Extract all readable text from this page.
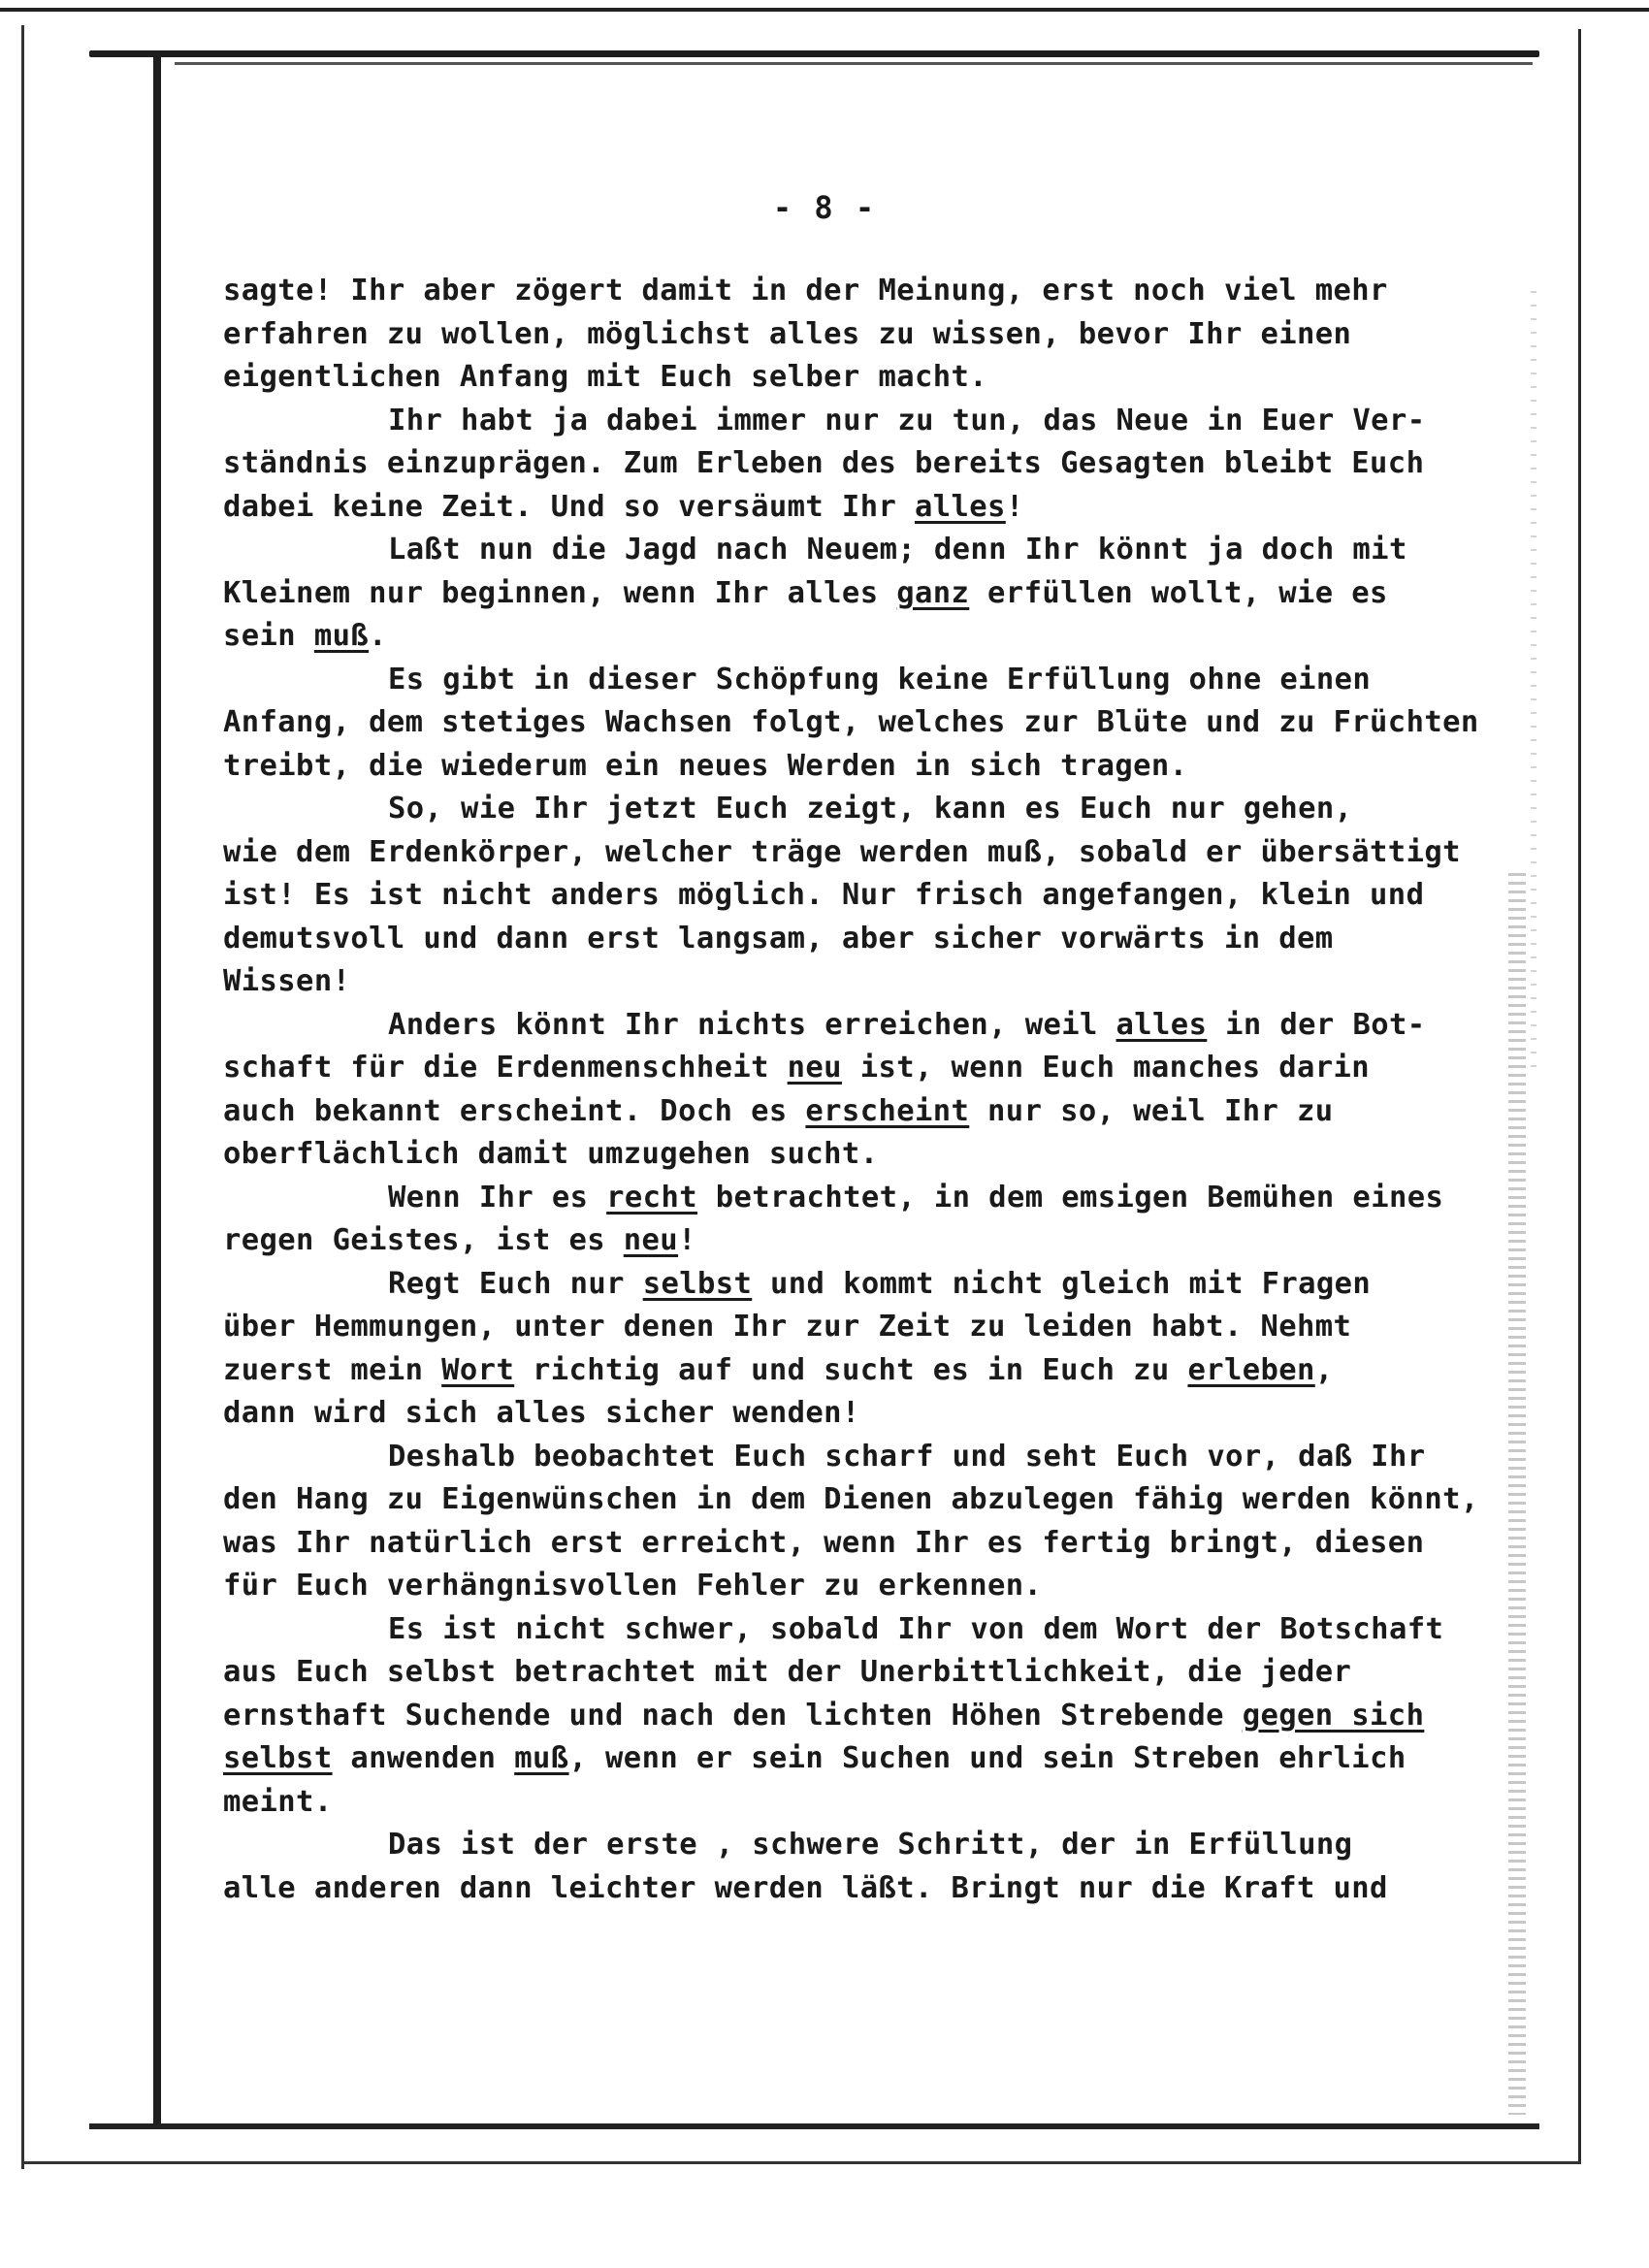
- 8 -
sagte! Ihr aber zögert damit in der Meinung, erst noch viel mehr
erfahren zu wollen, möglichst alles zu wissen, bevor Ihr einen
eigentlichen Anfang mit Euch selber macht.
Ihr habt ja dabei immer nur zu tun, das Neue in Euer Ver-
ständnis einzuprägen. Zum Erleben des bereits Gesagten bleibt Euch
dabei keine Zeit. Und so versäumt Ihr alles!
Laßt nun die Jagd nach Neuem; denn Ihr könnt ja doch mit
Kleinem nur beginnen, wenn Ihr alles ganz erfüllen wollt, wie es
sein muß.
Es gibt in dieser Schöpfung keine Erfüllung ohne einen
Anfang, dem stetiges Wachsen folgt, welches zur Blüte und zu Früchten
treibt, die wiederum ein neues Werden in sich tragen.
So, wie Ihr jetzt Euch zeigt, kann es Euch nur gehen,
wie dem Erdenkörper, welcher träge werden muß, sobald er übersättigt
ist! Es ist nicht anders möglich. Nur frisch angefangen, klein und
demutsvoll und dann erst langsam, aber sicher vorwärts in dem
Wissen!
Anders könnt Ihr nichts erreichen, weil alles in der Bot-
schaft für die Erdenmenschheit neu ist, wenn Euch manches darin
auch bekannt erscheint. Doch es erscheint nur so, weil Ihr zu
oberflächlich damit umzugehen sucht.
Wenn Ihr es recht betrachtet, in dem emsigen Bemühen eines
regen Geistes, ist es neu!
Regt Euch nur selbst und kommt nicht gleich mit Fragen
über Hemmungen, unter denen Ihr zur Zeit zu leiden habt. Nehmt
zuerst mein Wort richtig auf und sucht es in Euch zu erleben,
dann wird sich alles sicher wenden!
Deshalb beobachtet Euch scharf und seht Euch vor, daß Ihr
den Hang zu Eigenwünschen in dem Dienen abzulegen fähig werden könnt,
was Ihr natürlich erst erreicht, wenn Ihr es fertig bringt, diesen
für Euch verhängnisvollen Fehler zu erkennen.
Es ist nicht schwer, sobald Ihr von dem Wort der Botschaft
aus Euch selbst betrachtet mit der Unerbittlichkeit, die jeder
ernsthaft Suchende und nach den lichten Höhen Strebende gegen sich
selbst anwenden muß, wenn er sein Suchen und sein Streben ehrlich
meint.
Das ist der erste , schwere Schritt, der in Erfüllung
alle anderen dann leichter werden läßt. Bringt nur die Kraft und
